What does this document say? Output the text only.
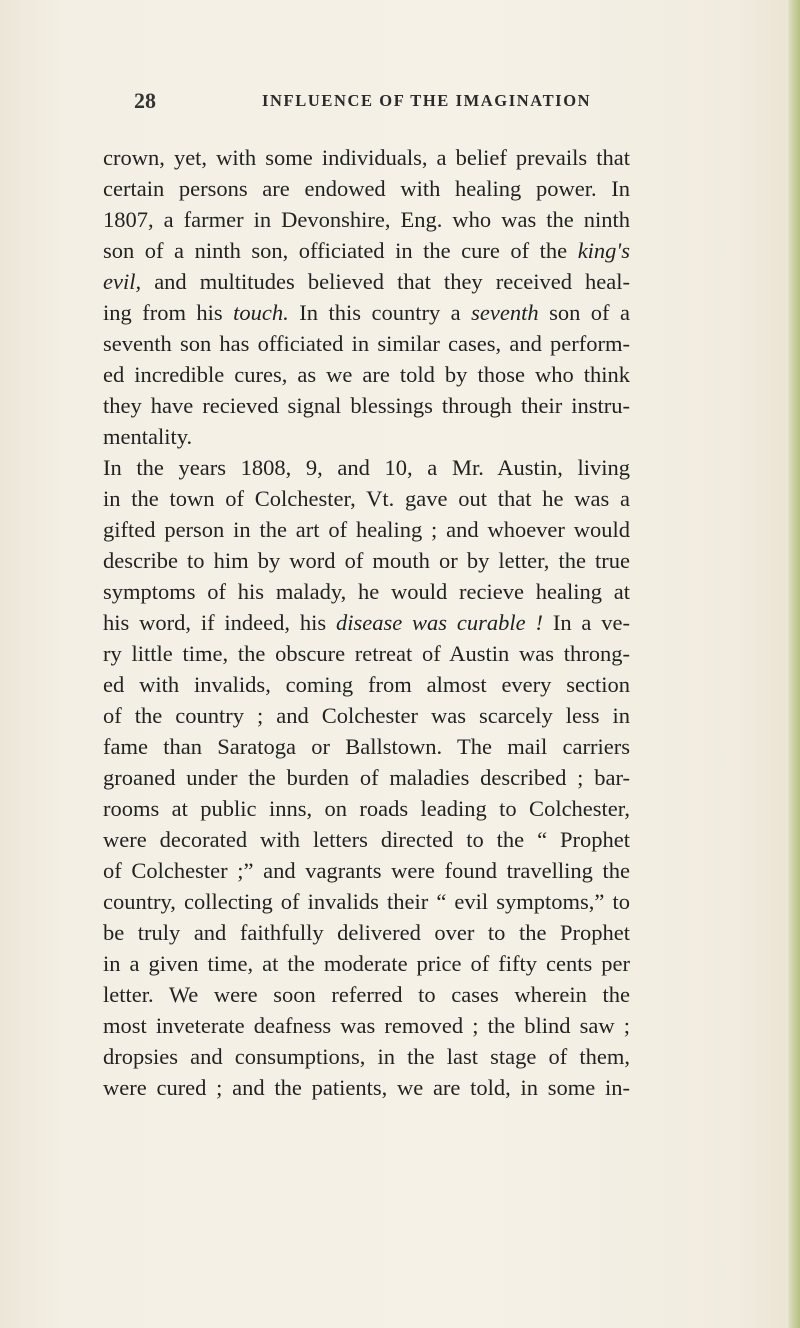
28	INFLUENCE OF THE IMAGINATION
crown, yet, with some individuals, a belief prevails that
certain persons are endowed with healing power. In
1807, a farmer in Devonshire, Eng. who was the ninth
son of a ninth son, officiated in the cure of the king's
evil, and multitudes believed that they received heal-
ing from his touch. In this country a seventh son of a
seventh son has officiated in similar cases, and perform-
ed incredible cures, as we are told by those who think
they have recieved signal blessings through their instru-
mentality.
In the years 1808, 9, and 10, a Mr. Austin, living
in the town of Colchester, Vt. gave out that he was a
gifted person in the art of healing ; and whoever would
describe to him by word of mouth or by letter, the true
symptoms of his malady, he would recieve healing at
his word, if indeed, his disease was curable ! In a ve-
ry little time, the obscure retreat of Austin was throng-
ed with invalids, coming from almost every section
of the country ; and Colchester was scarcely less in
fame than Saratoga or Ballstown. The mail carriers
groaned under the burden of maladies described ; bar-
rooms at public inns, on roads leading to Colchester,
were decorated with letters directed to the “ Prophet
of Colchester ;” and vagrants were found travelling the
country, collecting of invalids their “ evil symptoms,” to
be truly and faithfully delivered over to the Prophet
in a given time, at the moderate price of fifty cents per
letter. We were soon referred to cases wherein the
most inveterate deafness was removed ; the blind saw ;
dropsies and consumptions, in the last stage of them,
were cured ; and the patients, we are told, in some in-
